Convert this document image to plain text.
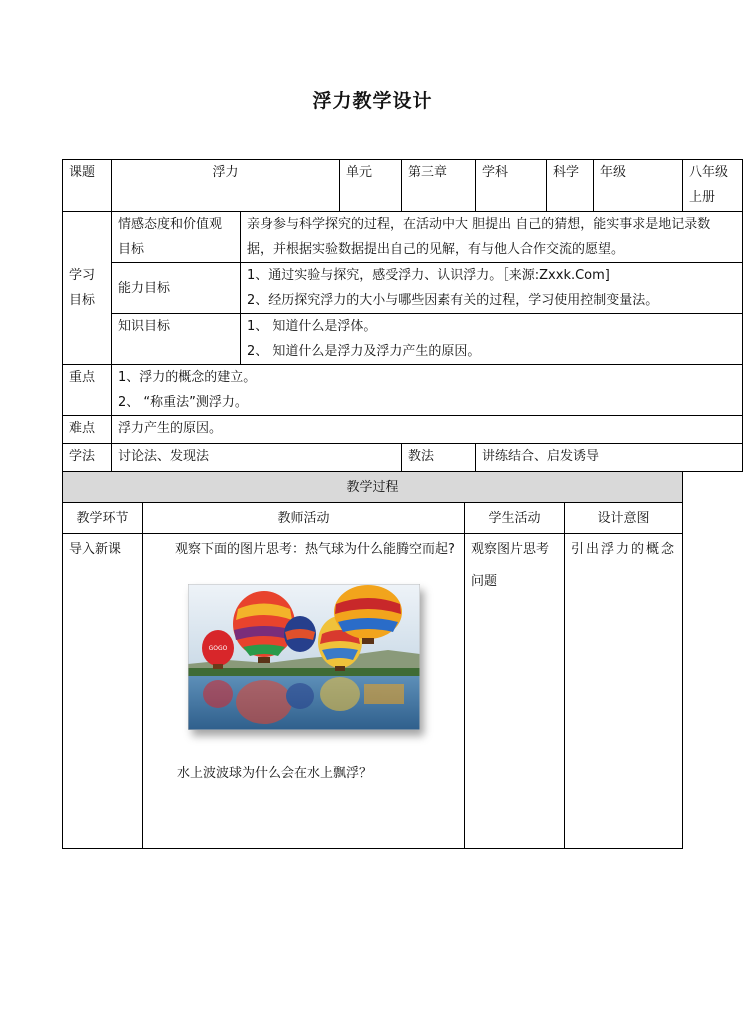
浮力教学设计
课题	浮力		单元	第三章	学科	科学	年级	八年级上册
学习目标	情感态度和价值观目标	亲身参与科学探究的过程，在活动中大 胆提出 自己的猜想，能实事求是地记录数据，并根据实验数据提出自己的见解，有与他人合作交流的愿望。						
	能力目标	1、通过实验与探究，感受浮力、认识浮力。［来源:Zxxk.Com]
2、经历探究浮力的大小与哪些因素有关的过程，学习使用控制变量法。						

	知识目标	1、 知道什么是浮体。
2、 知道什么是浮力及浮力产生的原因。						

重点	1、浮力的概念的建立。
2、 “称重法”测浮力。							

难点	浮力产生的原因。							
学法	讨论法、发现法			教法	讲练结合、启发诱导			
教学过程			
教学环节	教师活动	学生活动	设计意图
导入新课	观察下面的图片思考：热气球为什么能腾空而起?
GOGO
水上波波球为什么会在水上飘浮？	观察图片思考问题	引出浮力的概念
